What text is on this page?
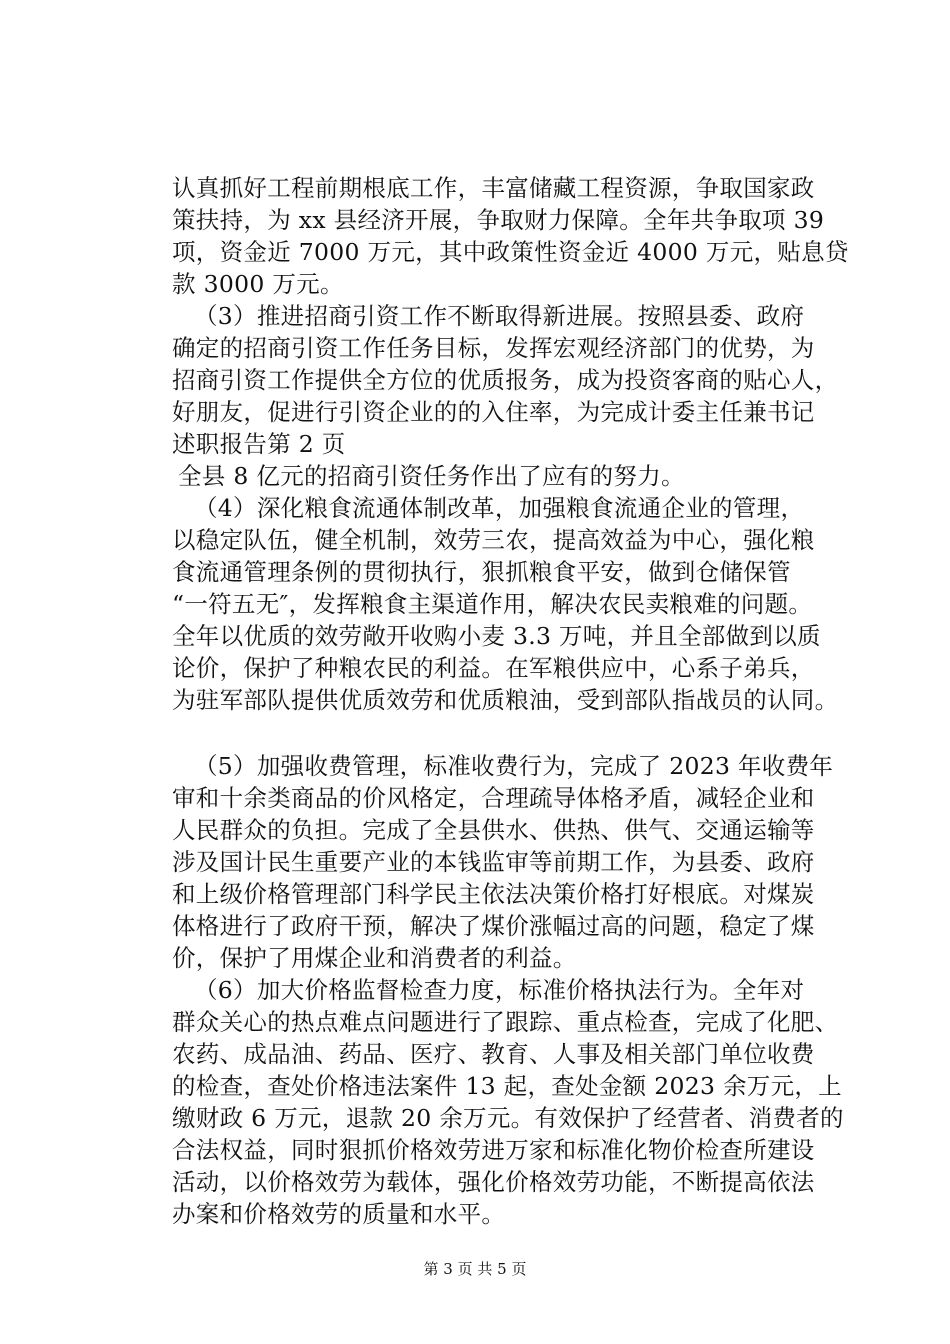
认真抓好工程前期根底工作，丰富储藏工程资源，争取国家政
策扶持，为 xx 县经济开展，争取财力保障。全年共争取项 39
项，资金近 7000 万元，其中政策性资金近 4000 万元，贴息贷
款 3000 万元。
（3）推进招商引资工作不断取得新进展。按照县委、政府
确定的招商引资工作任务目标，发挥宏观经济部门的优势，为
招商引资工作提供全方位的优质报务，成为投资客商的贴心人，
好朋友，促进行引资企业的的入住率，为完成计委主任兼书记
述职报告第 2 页
全县 8 亿元的招商引资任务作出了应有的努力。
（4）深化粮食流通体制改革，加强粮食流通企业的管理，
以稳定队伍，健全机制，效劳三农，提高效益为中心，强化粮
食流通管理条例的贯彻执行，狠抓粮食平安，做到仓储保管
“一符五无″，发挥粮食主渠道作用，解决农民卖粮难的问题。
全年以优质的效劳敞开收购小麦 3.3 万吨，并且全部做到以质
论价，保护了种粮农民的利益。在军粮供应中，心系子弟兵，
为驻军部队提供优质效劳和优质粮油，受到部队指战员的认同。
（5）加强收费管理，标准收费行为，完成了 2023 年收费年
审和十余类商品的价风格定，合理疏导体格矛盾，减轻企业和
人民群众的负担。完成了全县供水、供热、供气、交通运输等
涉及国计民生重要产业的本钱监审等前期工作，为县委、政府
和上级价格管理部门科学民主依法决策价格打好根底。对煤炭
体格进行了政府干预，解决了煤价涨幅过高的问题，稳定了煤
价，保护了用煤企业和消费者的利益。
（6）加大价格监督检查力度，标准价格执法行为。全年对
群众关心的热点难点问题进行了跟踪、重点检查，完成了化肥、
农药、成品油、药品、医疗、教育、人事及相关部门单位收费
的检查，查处价格违法案件 13 起，查处金额 2023 余万元，上
缴财政 6 万元，退款 20 余万元。有效保护了经营者、消费者的
合法权益，同时狠抓价格效劳进万家和标准化物价检查所建设
活动，以价格效劳为载体，强化价格效劳功能，不断提高依法
办案和价格效劳的质量和水平。
第 3 页 共 5 页
